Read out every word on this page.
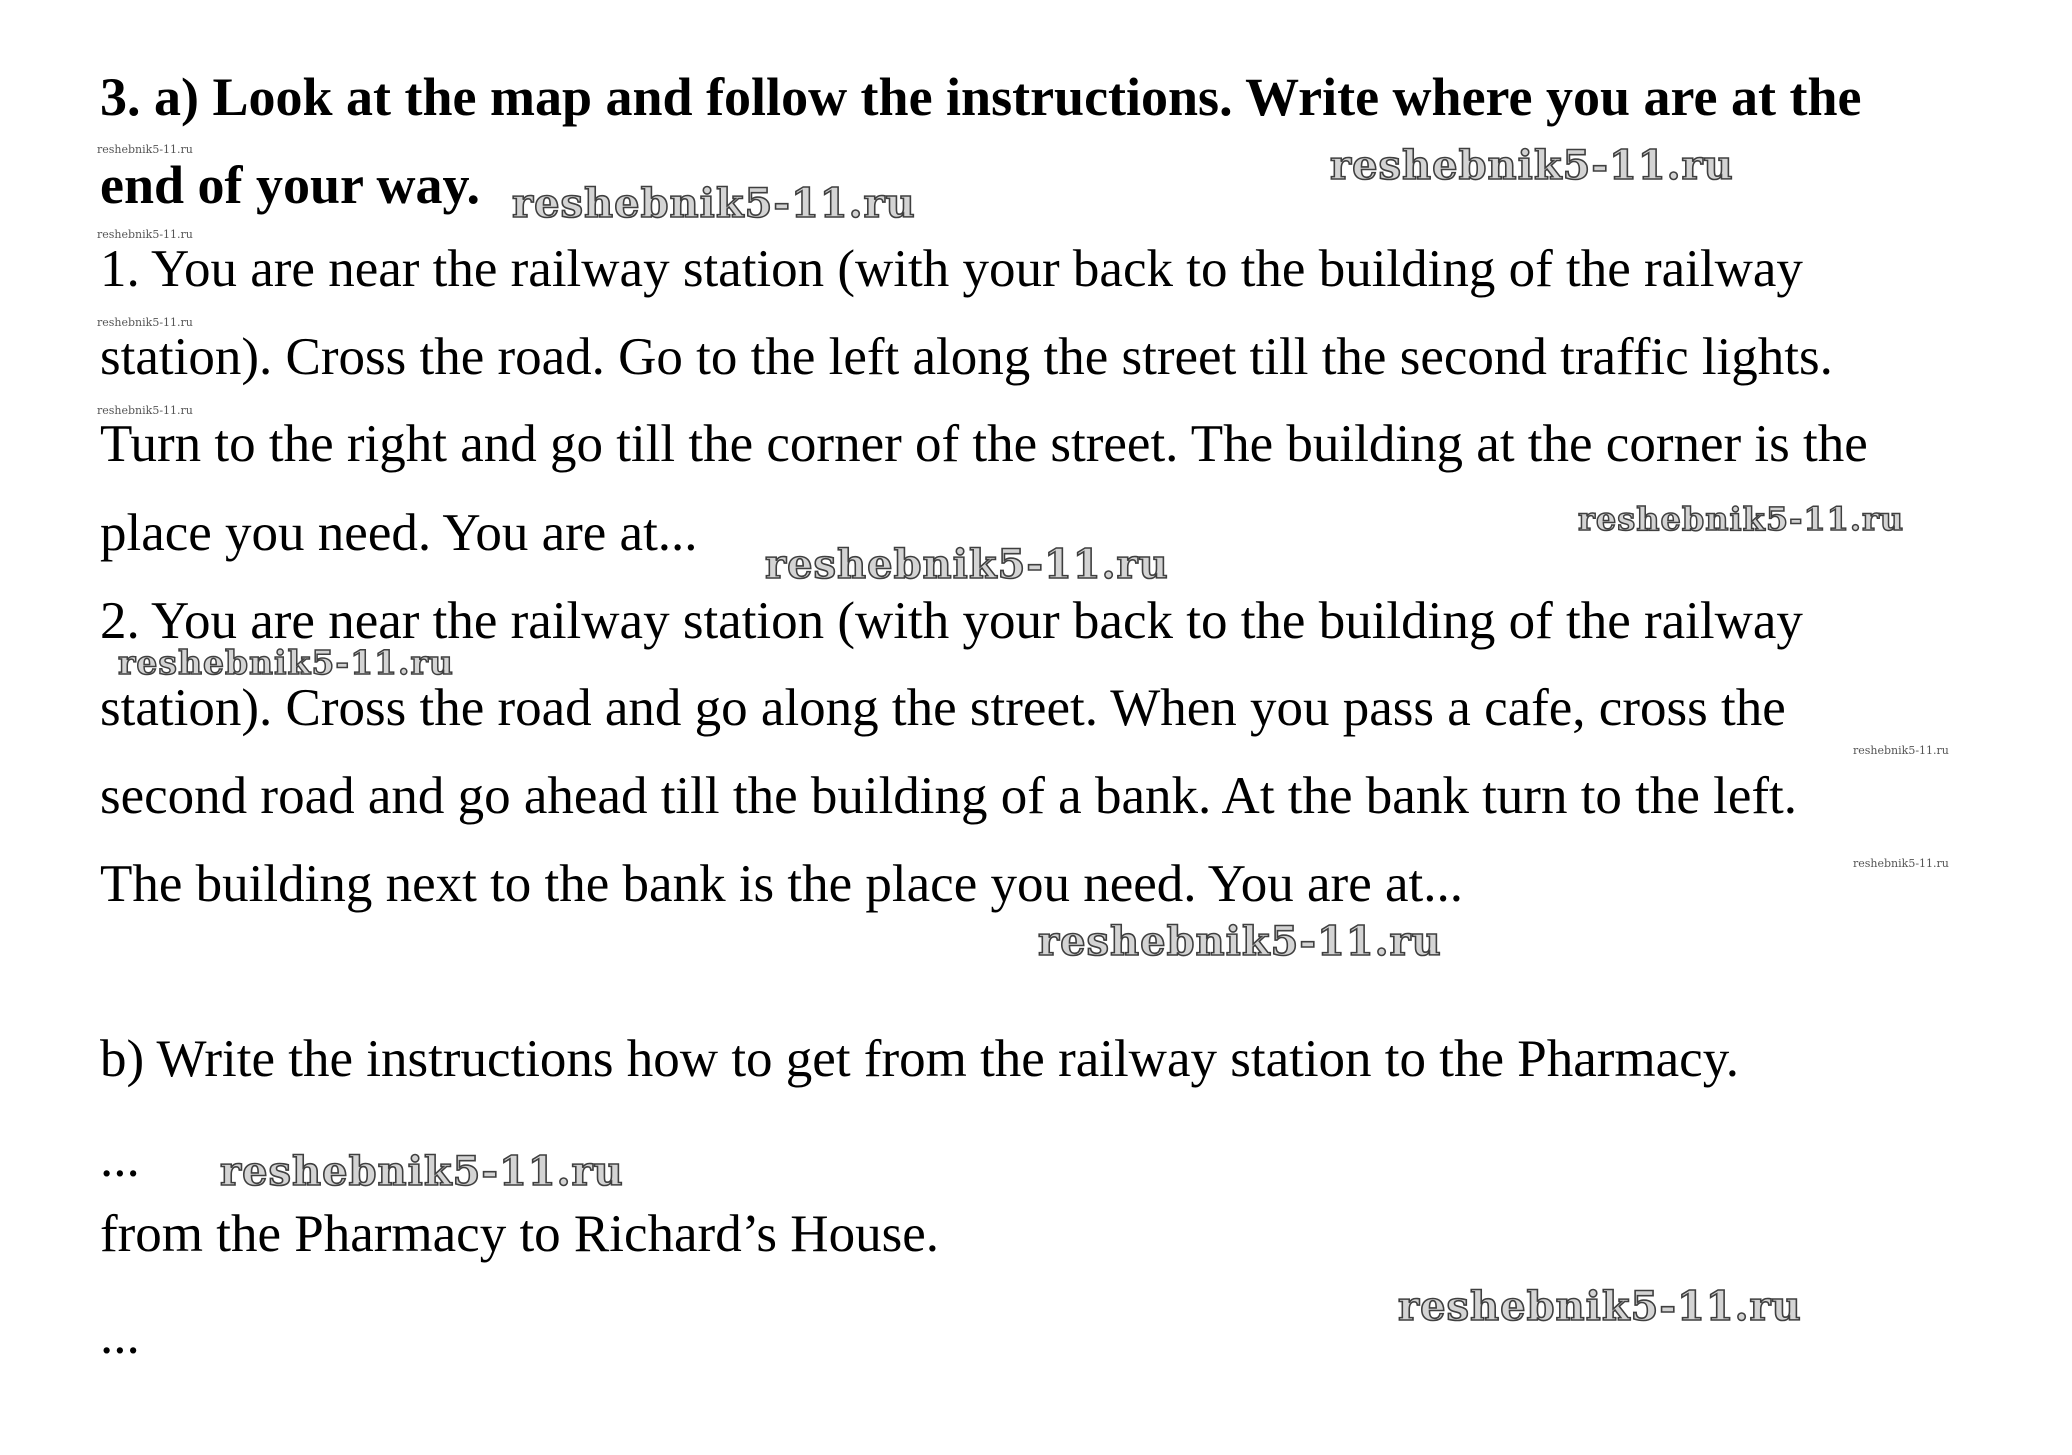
3. a) Look at the map and follow the instructions. Write where you are at the
end of your way.
1. You are near the railway station (with your back to the building of the railway
station). Cross the road. Go to the left along the street till the second traffic lights.
Turn to the right and go till the corner of the street. The building at the corner is the
place you need. You are at...
2. You are near the railway station (with your back to the building of the railway
station). Cross the road and go along the street. When you pass a cafe, cross the
second road and go ahead till the building of a bank. At the bank turn to the left.
The building next to the bank is the place you need. You are at...
b) Write the instructions how to get from the railway station to the Pharmacy.
...
from the Pharmacy to Richard’s House.
...
reshebnik5-11.ru
reshebnik5-11.ru
reshebnik5-11.ru
reshebnik5-11.ru
reshebnik5-11.ru
reshebnik5-11.ru
reshebnik5-11.ru
reshebnik5-11.ru
reshebnik5-11.ru
reshebnik5-11.ru
reshebnik5-11.ru
reshebnik5-11.ru
reshebnik5-11.ru
reshebnik5-11.ru
